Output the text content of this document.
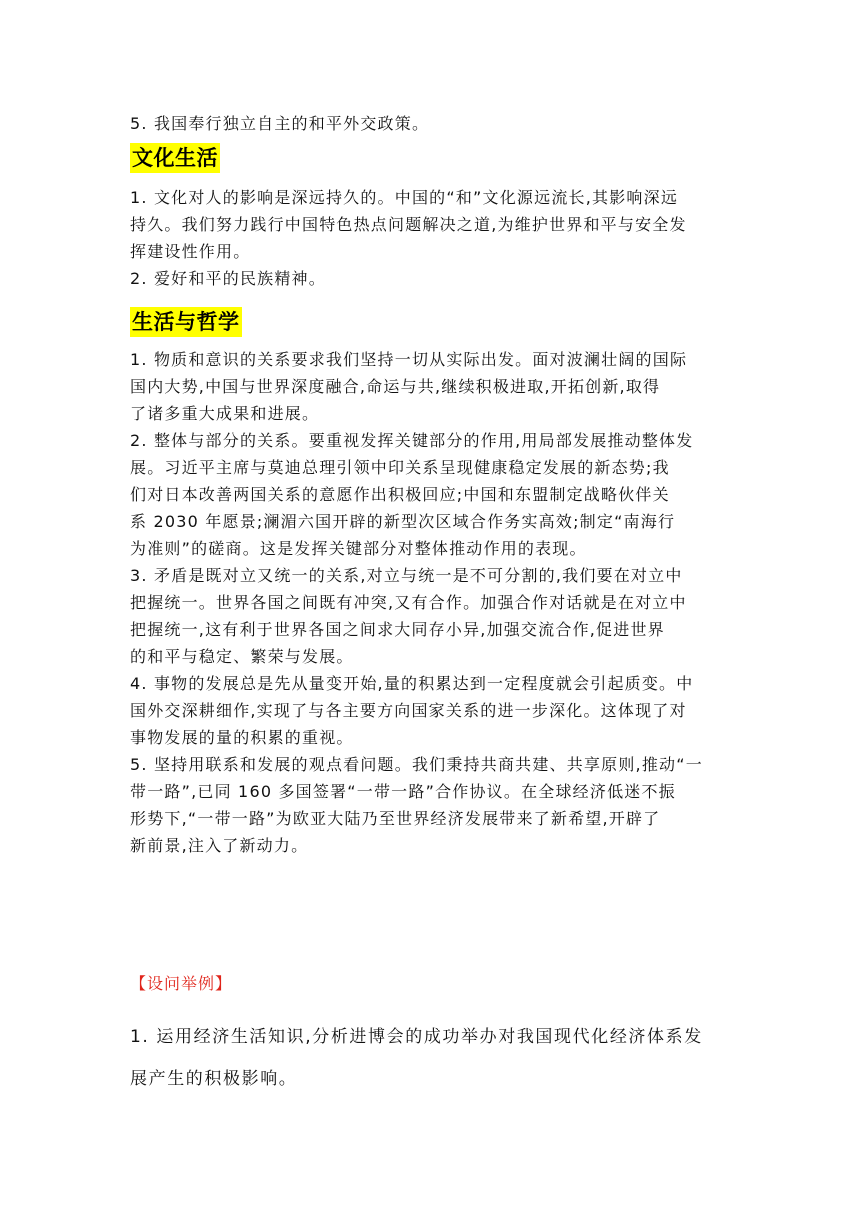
5. 我国奉行独立自主的和平外交政策。
文化生活
1. 文化对人的影响是深远持久的。中国的“和”文化源远流长,其影响深远
持久。我们努力践行中国特色热点问题解决之道,为维护世界和平与安全发
挥建设性作用。
2. 爱好和平的民族精神。
生活与哲学
1. 物质和意识的关系要求我们坚持一切从实际出发。面对波澜壮阔的国际
国内大势,中国与世界深度融合,命运与共,继续积极进取,开拓创新,取得
了诸多重大成果和进展。
2. 整体与部分的关系。要重视发挥关键部分的作用,用局部发展推动整体发
展。习近平主席与莫迪总理引领中印关系呈现健康稳定发展的新态势;我
们对日本改善两国关系的意愿作出积极回应;中国和东盟制定战略伙伴关
系 2030 年愿景;澜湄六国开辟的新型次区域合作务实高效;制定“南海行
为准则”的磋商。这是发挥关键部分对整体推动作用的表现。
3. 矛盾是既对立又统一的关系,对立与统一是不可分割的,我们要在对立中
把握统一。世界各国之间既有冲突,又有合作。加强合作对话就是在对立中
把握统一,这有利于世界各国之间求大同存小异,加强交流合作,促进世界
的和平与稳定、繁荣与发展。
4. 事物的发展总是先从量变开始,量的积累达到一定程度就会引起质变。中
国外交深耕细作,实现了与各主要方向国家关系的进一步深化。这体现了对
事物发展的量的积累的重视。
5. 坚持用联系和发展的观点看问题。我们秉持共商共建、共享原则,推动“一
带一路”,已同 160 多国签署“一带一路”合作协议。在全球经济低迷不振
形势下,“一带一路”为欧亚大陆乃至世界经济发展带来了新希望,开辟了
新前景,注入了新动力。
【设问举例】
1. 运用经济生活知识,分析进博会的成功举办对我国现代化经济体系发
展产生的积极影响。
